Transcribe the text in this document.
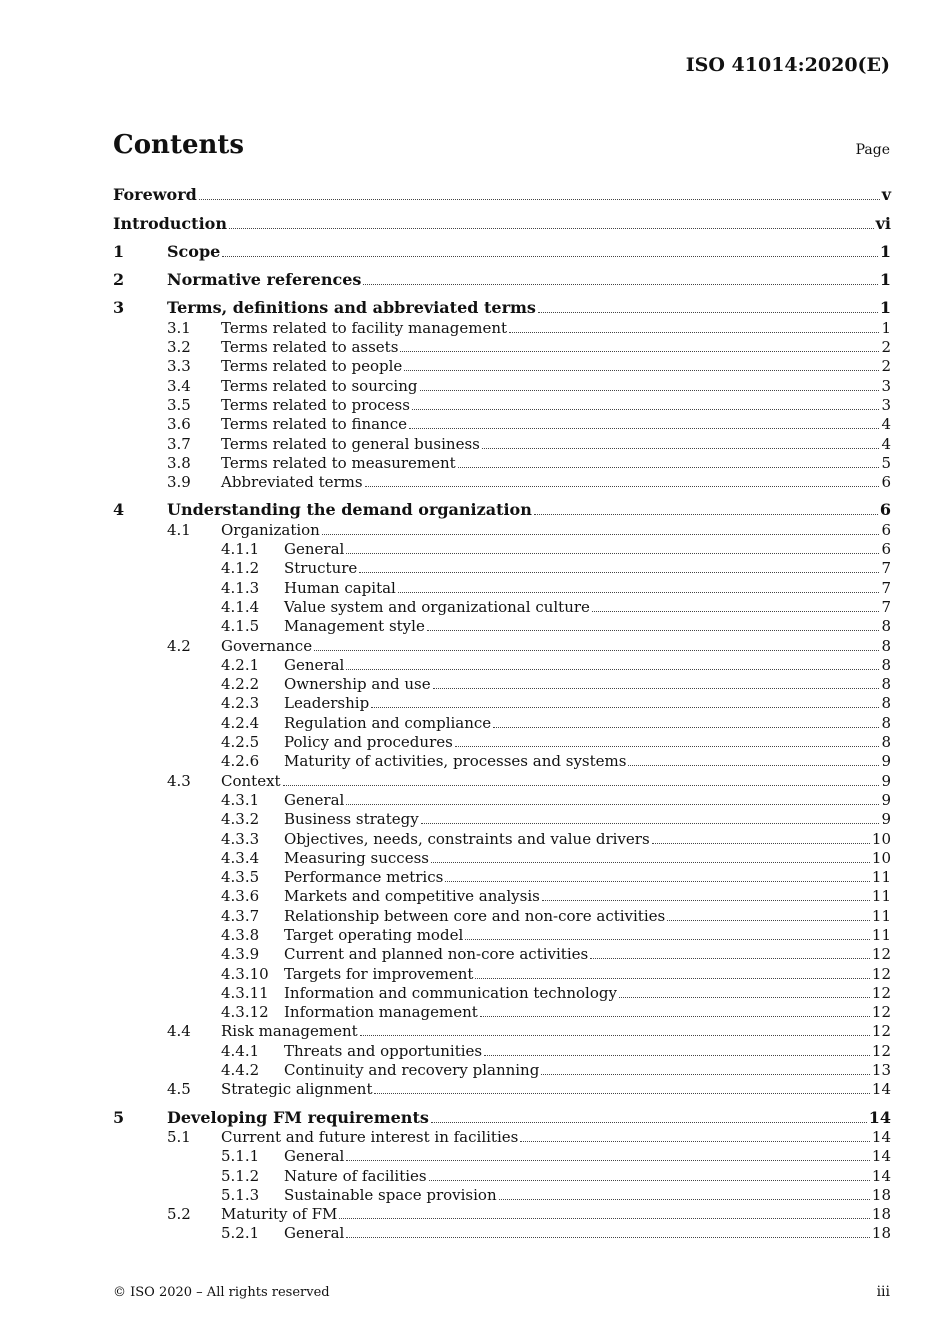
ISO 41014:2020(E)
Contents	Page
Foreword	v
Introduction	vi
1	Scope	1
2	Normative references	1
3	Terms, definitions and abbreviated terms	1
3.1	Terms related to facility management	1
3.2	Terms related to assets	2
3.3	Terms related to people	2
3.4	Terms related to sourcing	3
3.5	Terms related to process	3
3.6	Terms related to finance	4
3.7	Terms related to general business	4
3.8	Terms related to measurement	5
3.9	Abbreviated terms	6
4	Understanding the demand organization	6
4.1	Organization	6
4.1.1	General	6
4.1.2	Structure	7
4.1.3	Human capital	7
4.1.4	Value system and organizational culture	7
4.1.5	Management style	8
4.2	Governance	8
4.2.1	General	8
4.2.2	Ownership and use	8
4.2.3	Leadership	8
4.2.4	Regulation and compliance	8
4.2.5	Policy and procedures	8
4.2.6	Maturity of activities, processes and systems	9
4.3	Context	9
4.3.1	General	9
4.3.2	Business strategy	9
4.3.3	Objectives, needs, constraints and value drivers	10
4.3.4	Measuring success	10
4.3.5	Performance metrics	11
4.3.6	Markets and competitive analysis	11
4.3.7	Relationship between core and non-core activities	11
4.3.8	Target operating model	11
4.3.9	Current and planned non-core activities	12
4.3.10	Targets for improvement	12
4.3.11	Information and communication technology	12
4.3.12	Information management	12
4.4	Risk management	12
4.4.1	Threats and opportunities	12
4.4.2	Continuity and recovery planning	13
4.5	Strategic alignment	14
5	Developing FM requirements	14
5.1	Current and future interest in facilities	14
5.1.1	General	14
5.1.2	Nature of facilities	14
5.1.3	Sustainable space provision	18
5.2	Maturity of FM	18
5.2.1	General	18
© ISO 2020 – All rights reserved	iii
